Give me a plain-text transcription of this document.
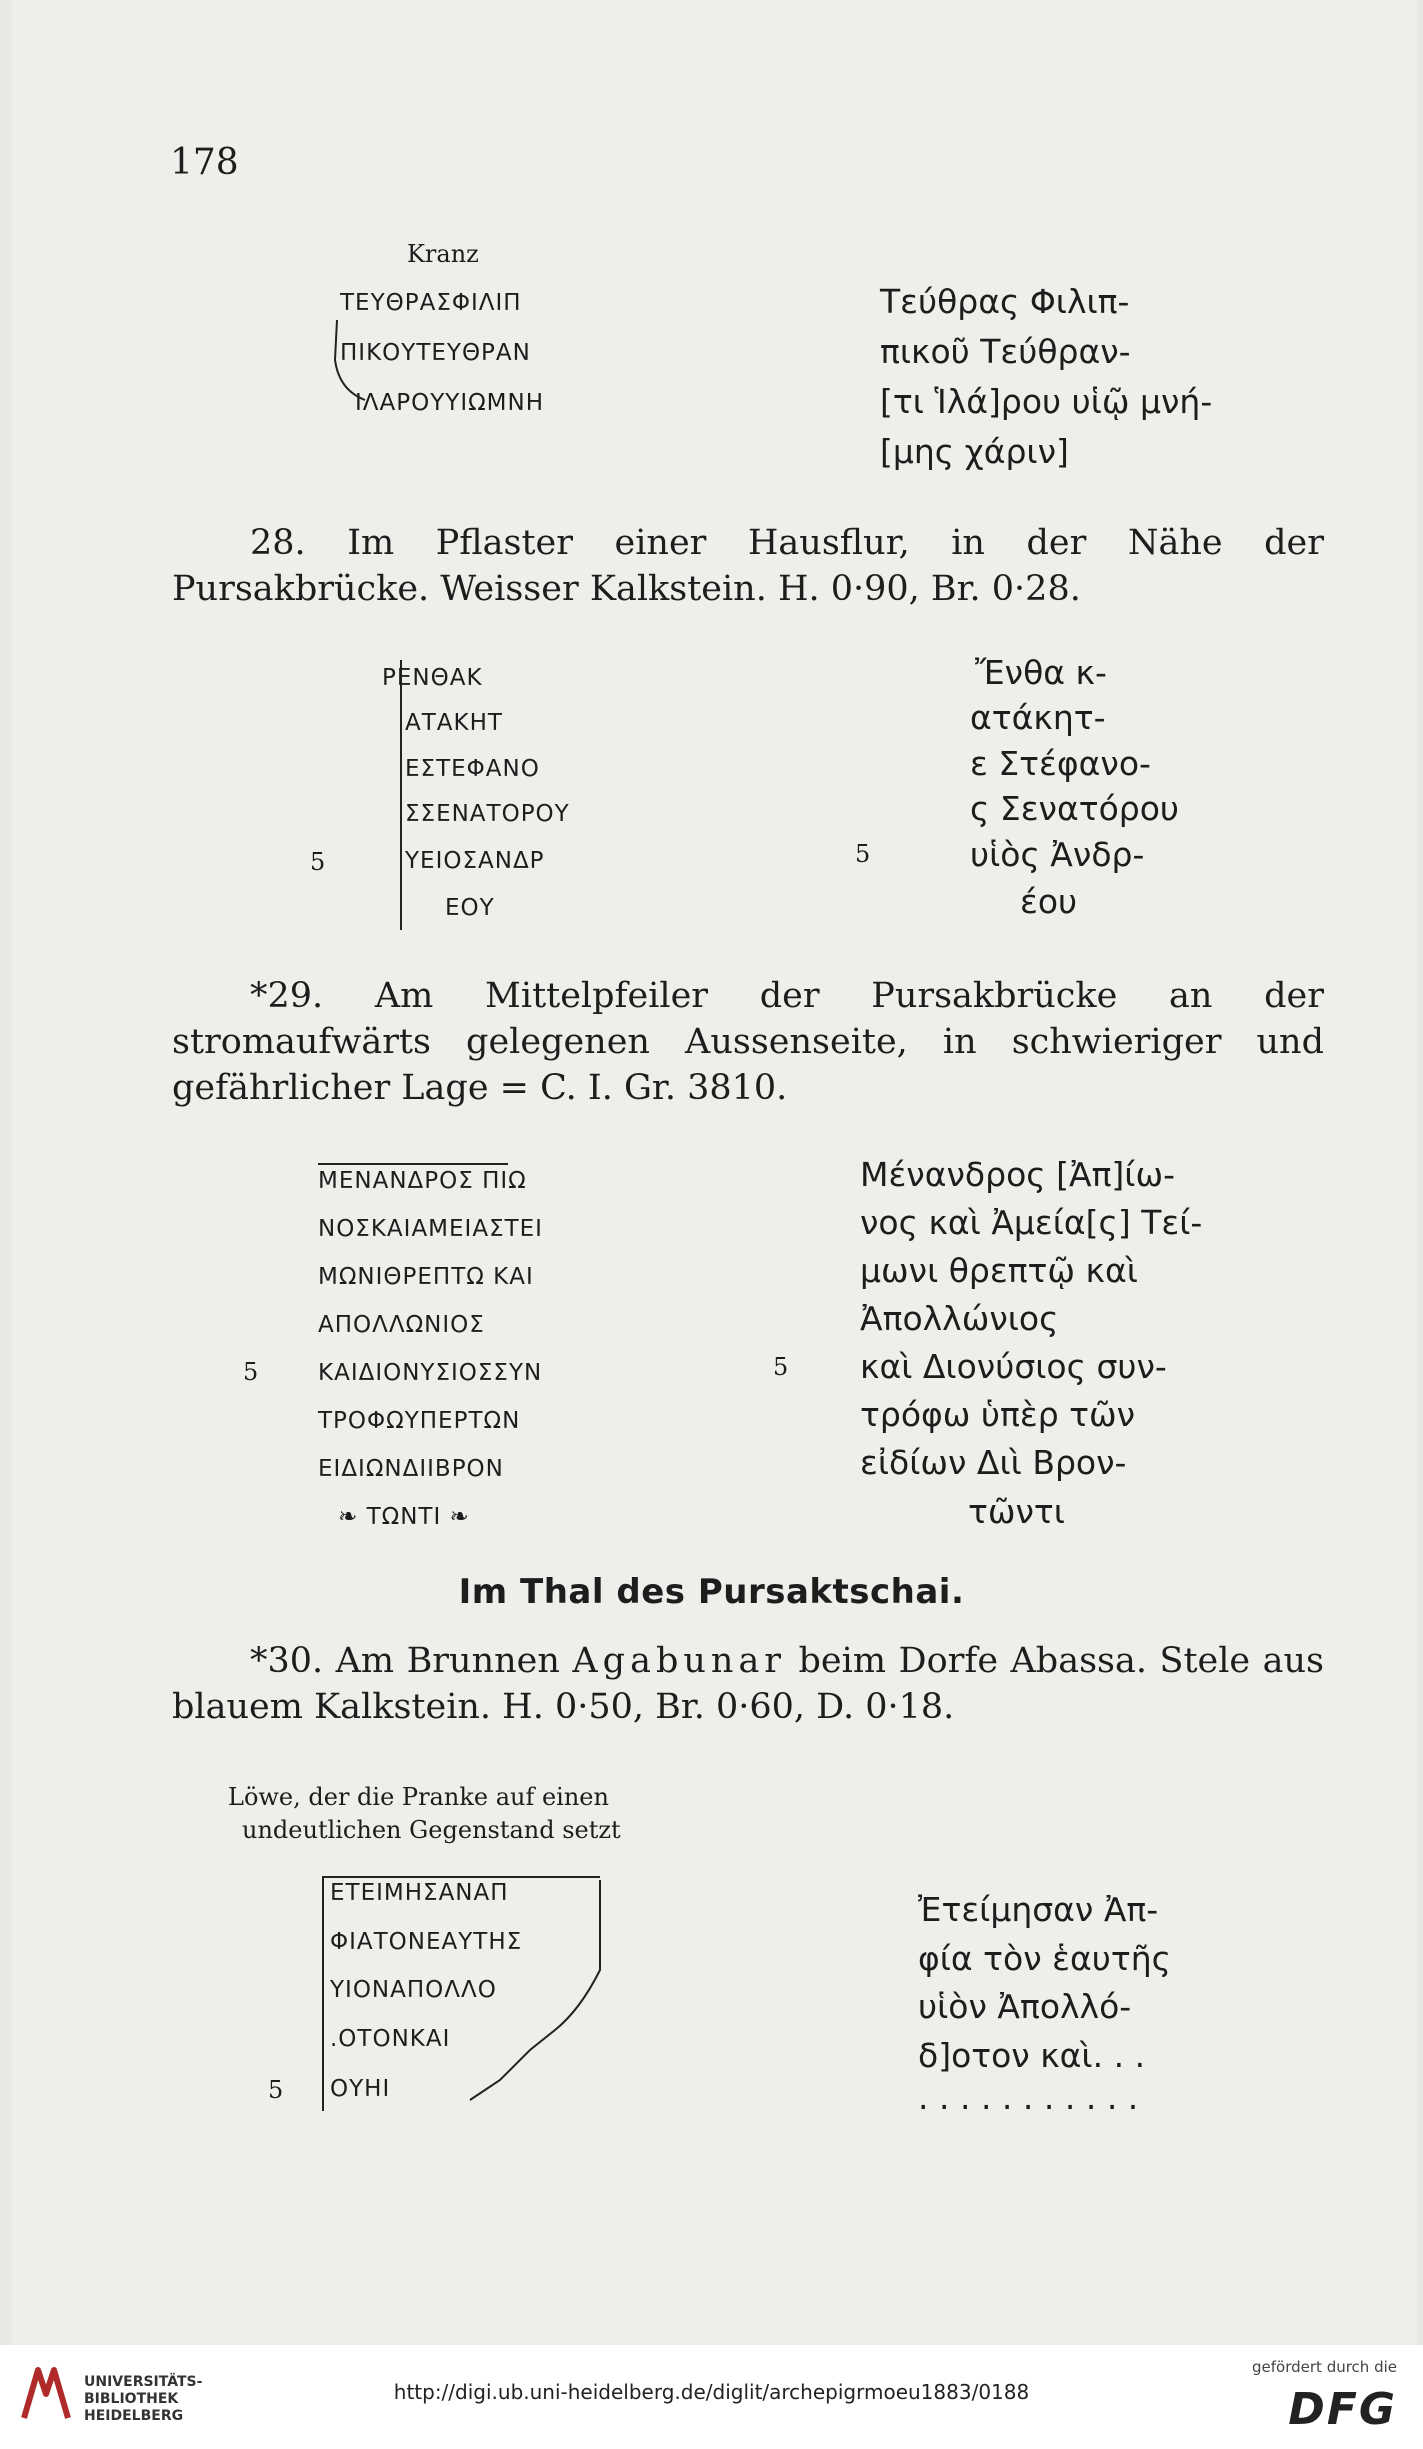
178
Kranz
ΤΕΥΘΡΑΣΦΙΛΙΠ
ΠΙΚΟΥΤΕΥΘΡΑΝ
ΙΛΑΡΟΥΥΙΩΜΝΗ
Τεύθρας Φιλιπ-
πικοῦ Τεύθραν-
[τι Ἱλά]ρου υἱῷ μνή-
[μης χάριν]
28. Im Pflaster einer Hausflur, in der Nähe der Pursakbrücke. Weisser Kalkstein. H. 0·90, Br. 0·28.
ΡΕΝΘΑΚ
ΑΤΑΚΗΤ
ΕΣΤΕΦΑΝΟ
ΣΣΕΝΑΤΟΡΟΥ
5	ΥΕΙΟΣΑΝΔΡ
ΕΟΥ
Ἔνθα κ-
ατάκητ-
ε Στέφανο-
ς Σενατόρου
5	υἱὸς Ἀνδρ-
έου
*29. Am Mittelpfeiler der Pursakbrücke an der stromaufwärts gelegenen Aussenseite, in schwieriger und gefährlicher Lage = C. I. Gr. 3810.
ΜΕΝΑΝΔΡΟΣ ΠΙΩ
ΝΟΣΚΑΙΑΜΕΙΑΣΤΕΙ
ΜΩΝΙΘΡΕΠΤΩ ΚΑΙ
ΑΠΟΛΛΩΝΙΟΣ
5	ΚΑΙΔΙΟΝΥΣΙΟΣΣΥΝ
ΤΡΟΦΩΥΠΕΡΤΩΝ
ΕΙΔΙΩΝΔΙΙΒΡΟΝ
❧ ΤΩΝΤΙ ❧
Μένανδρος [Ἀπ]ίω-
νος καὶ Ἀμεία[ς] Τεί-
μωνι θρεπτῷ καὶ
Ἀπολλώνιος
5 καὶ Διονύσιος συν-
τρόφω ὑπὲρ τῶν
εἰδίων Διὶ Βρον-
τῶντι
Im Thal des Pursaktschai.
*30. Am Brunnen Agabunar beim Dorfe Abassa. Stele aus blauem Kalkstein. H. 0·50, Br. 0·60, D. 0·18.
Löwe, der die Pranke auf einen
undeutlichen Gegenstand setzt
ΕΤΕΙΜΗΣΑΝΑΠ
ΦΙΑΤΟΝΕΑΥΤΗΣ
ΥΙΟΝΑΠΟΛΛΟ
.ΟΤΟΝΚΑΙ
5 ΟΥΗΙ
Ἐτείμησαν Ἀπ-
φία τὸν ἑαυτῆς
υἱὸν Ἀπολλό-
δ]οτον καὶ. . .
. . . . . . . . . . .
UNIVERSITÄTS-
BIBLIOTHEK
HEIDELBERG
http://digi.ub.uni-heidelberg.de/diglit/archepigrmoeu1883/0188
gefördert durch die
DFG
